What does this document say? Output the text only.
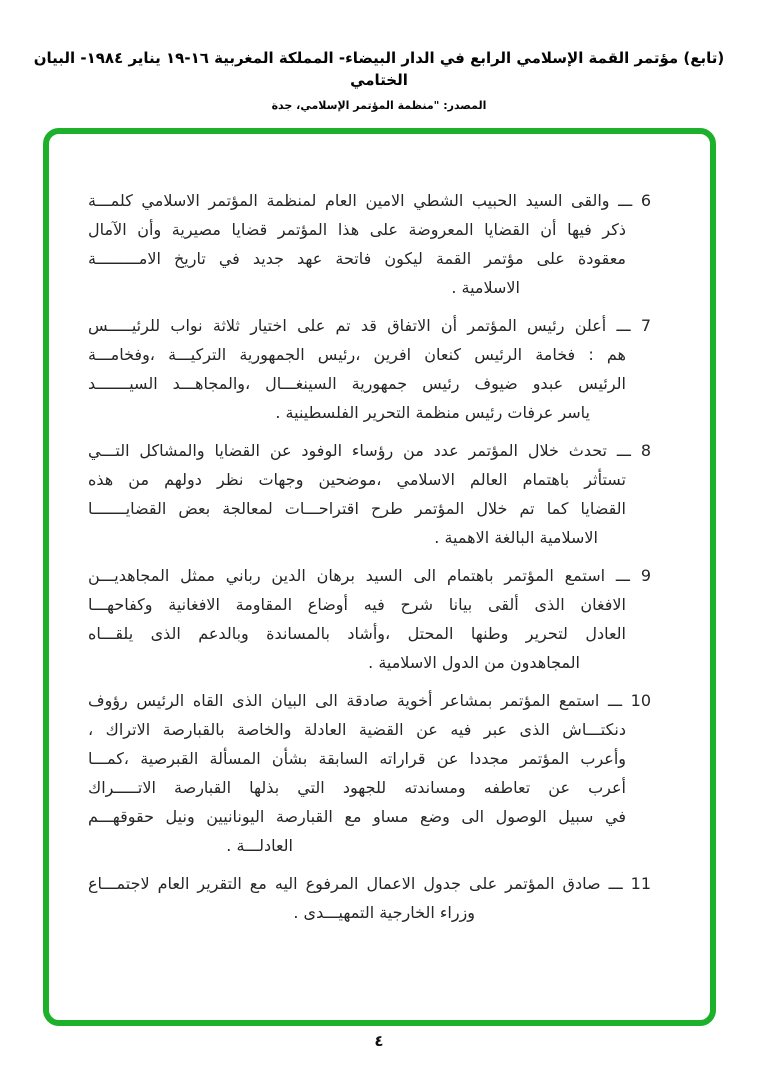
(تابع) مؤتمر القمة الإسلامي الرابع في الدار البيضاء- المملكة المغربية ١٦-١٩ يناير ١٩٨٤- البيان الختامي
المصدر: "منظمة المؤتمر الإسلامي، جدة
6 ـــ والقى السيد الحبيب الشطي الامين العام لمنظمة المؤتمر الاسلامي كلمـــة
ذكر فيها أن القضايا المعروضة على هذا المؤتمر قضايا مصيرية وأن الآمال
معقودة على مؤتمر القمة ليكون فاتحة عهد جديد في تاريخ الامـــــــــة
الاسلامية .
7 ـــ أعلن رئيس المؤتمر أن الاتفاق قد تم على اختيار ثلاثة نواب للرئيـــــس
هم : فخامة الرئيس كنعان افرين ،رئيس الجمهورية التركيـــة ،وفخامـــة
الرئيس عبدو ضيوف رئيس جمهورية السينغـــال ،والمجاهـــد السيـــــــد
ياسر عرفات رئيس منظمة التحرير الفلسطينية .
8 ـــ تحدث خلال المؤتمر عدد من رؤساء الوفود عن القضايا والمشاكل التـــي
تستأثر باهتمام العالم الاسلامي ،موضحين وجهات نظر دولهم من هذه
القضايا كما تم خلال المؤتمر طرح اقتراحـــات لمعالجة بعض القضايـــــــا
الاسلامية البالغة الاهمية .
9 ـــ استمع المؤتمر باهتمام الى السيد برهان الدين رباني ممثل المجاهديـــن
الافغان الذى ألقى بيانا شرح فيه أوضاع المقاومة الافغانية وكفاحهـــا
العادل لتحرير وطنها المحتل ،وأشاد بالمساندة وبالدعم الذى يلقـــاه
المجاهدون من الدول الاسلامية .
10 ـــ استمع المؤتمر بمشاعر أخوية صادقة الى البيان الذى القاه الرئيس رؤوف
دنكتـــاش الذى عبر فيه عن القضية العادلة والخاصة بالقبارصة الاتراك ،
وأعرب المؤتمر مجددا عن قراراته السابقة بشأن المسألة القبرصية ،كمـــا
أعرب عن تعاطفه ومساندته للجهود التي بذلها القبارصة الاتـــــراك
في سبيل الوصول الى وضع مساو مع القبارصة اليونانيين ونيل حقوقهـــم
العادلـــة .
11 ـــ صادق المؤتمر على جدول الاعمال المرفوع اليه مع التقرير العام لاجتمـــاع
وزراء الخارجية التمهيـــدى .
٤
